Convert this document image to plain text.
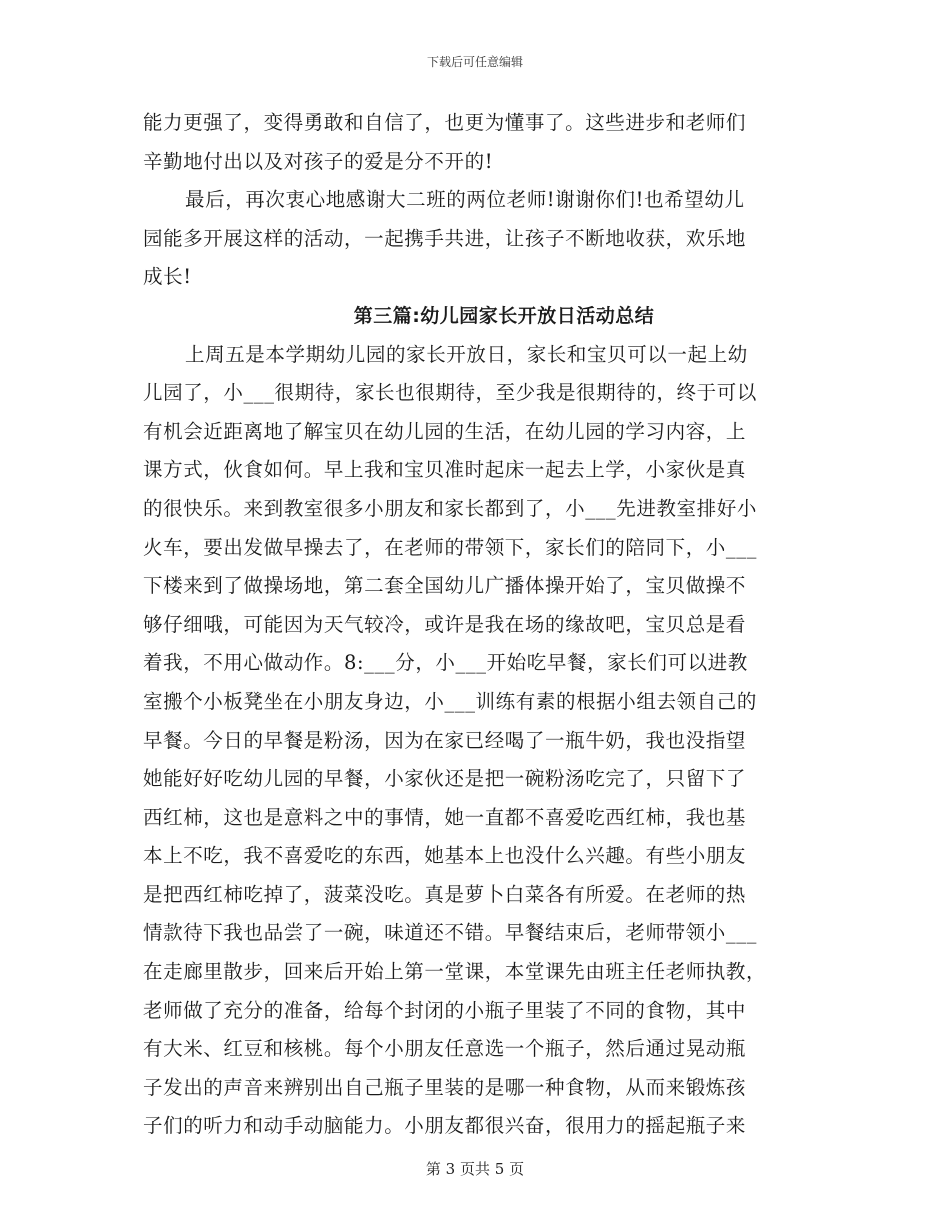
下载后可任意编辑
能力更强了，变得勇敢和自信了，也更为懂事了。这些进步和老师们
辛勤地付出以及对孩子的爱是分不开的!
最后，再次衷心地感谢大二班的两位老师!谢谢你们!也希望幼儿
园能多开展这样的活动，一起携手共进，让孩子不断地收获，欢乐地
成长!
第三篇:幼儿园家长开放日活动总结
上周五是本学期幼儿园的家长开放日，家长和宝贝可以一起上幼
儿园了，小___很期待，家长也很期待，至少我是很期待的，终于可以
有机会近距离地了解宝贝在幼儿园的生活，在幼儿园的学习内容，上
课方式，伙食如何。早上我和宝贝准时起床一起去上学，小家伙是真
的很快乐。来到教室很多小朋友和家长都到了，小___先进教室排好小
火车，要出发做早操去了，在老师的带领下，家长们的陪同下，小___
下楼来到了做操场地，第二套全国幼儿广播体操开始了，宝贝做操不
够仔细哦，可能因为天气较冷，或许是我在场的缘故吧，宝贝总是看
着我，不用心做动作。8:___分，小___开始吃早餐，家长们可以进教
室搬个小板凳坐在小朋友身边，小___训练有素的根据小组去领自己的
早餐。今日的早餐是粉汤，因为在家已经喝了一瓶牛奶，我也没指望
她能好好吃幼儿园的早餐，小家伙还是把一碗粉汤吃完了，只留下了
西红柿，这也是意料之中的事情，她一直都不喜爱吃西红柿，我也基
本上不吃，我不喜爱吃的东西，她基本上也没什么兴趣。有些小朋友
是把西红柿吃掉了，菠菜没吃。真是萝卜白菜各有所爱。在老师的热
情款待下我也品尝了一碗，味道还不错。早餐结束后，老师带领小___
在走廊里散步，回来后开始上第一堂课，本堂课先由班主任老师执教，
老师做了充分的准备，给每个封闭的小瓶子里装了不同的食物，其中
有大米、红豆和核桃。每个小朋友任意选一个瓶子，然后通过晃动瓶
子发出的声音来辨别出自己瓶子里装的是哪一种食物，从而来锻炼孩
子们的听力和动手动脑能力。小朋友都很兴奋，很用力的摇起瓶子来
第 3 页共 5 页
